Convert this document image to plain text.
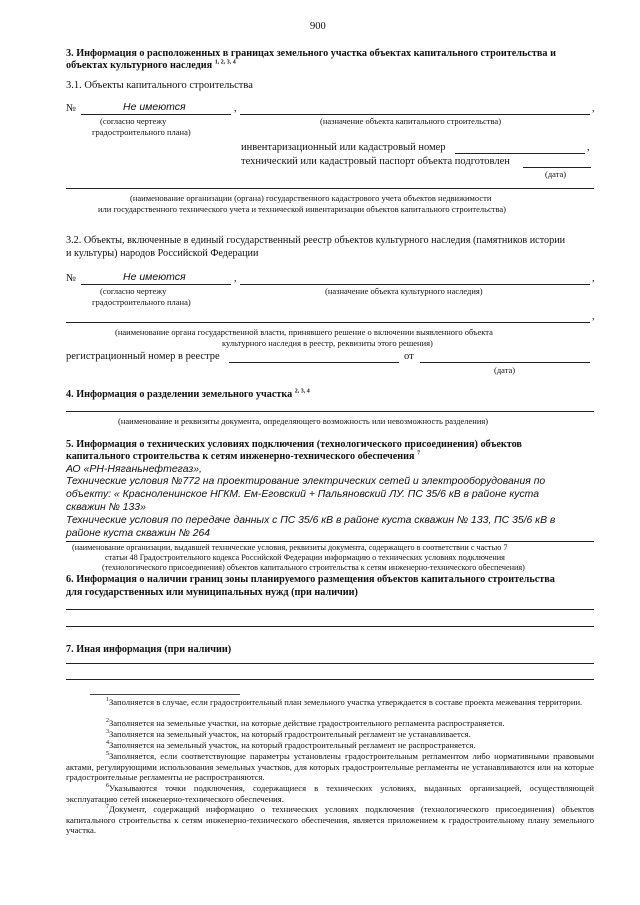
900
3. Информация о расположенных в границах земельного участка объектах капитального строительства и
объектах культурного наследия $^{1, 2, 3, 4}$
3.1. Объекты капитального строительства
№	Не имеются	,	,
(согласно чертежу
градостроительного плана)
(назначение объекта капитального строительства)
инвентаризационный или кадастровый номер	,
технический или кадастровый паспорт объекта подготовлен
(дата)
(наименование организации (органа) государственного кадастрового учета объектов недвижимости
или государственного технического учета и технической инвентаризации объектов капитального строительства)
3.2. Объекты, включенные в единый государственный реестр объектов культурного наследия (памятников истории
и культуры) народов Российской Федерации
№	Не имеются	,	,
(согласно чертежу
градостроительного плана)
(назначение объекта культурного наследия)
,
(наименование органа государственной власти, принявшего решение о включении выявленного объекта
культурного наследия в реестр, реквизиты этого решения)
регистрационный номер в реестре	от
(дата)
4. Информация о разделении земельного участка $^{2, 3, 4}$
(наименование и реквизиты документа, определяющего возможность или невозможность разделения)
5. Информация о технических условиях подключения (технологического присоединения) объектов
капитального строительства к сетям инженерно-технического обеспечения $^7$
АО «РН-Няганьнефтегаз»,
Технические условия №772 на проектирование электрических сетей и электрооборудования по
объекту: « Красноленинское НГКМ. Ем-Еговский + Пальяновский ЛУ. ПС 35/6 кВ в районе куста
скважин № 133»
Технические условия по передаче данных с ПС 35/6 кВ в районе куста скважин № 133, ПС 35/6 кВ в
районе куста скважин № 264
(наименование организации, выдавшей технические условия, реквизиты документа, содержащего в соответствии с частью 7
статьи 48 Градостроительного кодекса Российской Федерации информацию о технических условиях подключения
(технологического присоединения) объектов капитального строительства к сетям инженерно-технического обеспечения)
6. Информация о наличии границ зоны планируемого размещения объектов капитального строительства
для государственных или муниципальных нужд (при наличии)
7. Иная информация (при наличии)
$^1$Заполняется в случае, если градостроительный план земельного участка утверждается в составе проекта межевания территории.
$^2$Заполняется на земельные участки, на которые действие градостроительного регламента распространяется.
$^3$Заполняется на земельный участок, на который градостроительный регламент не устанавливается.
$^4$Заполняется на земельный участок, на который градостроительный регламент не распространяется.
$^5$Заполняется, если соответствующие параметры установлены градостроительным регламентом либо нормативными правовыми актами, регулирующими использования земельных участков, для которых градостроительные регламенты не устанавливаются или на которые градостроительные регламенты не распространяются.
$^6$Указываются точки подключения, содержащиеся в технических условиях, выданных организацией, осуществляющей эксплуатацию сетей инженерно-технического обеспечения.
$^7$Документ, содержащий информацию о технических условиях подключения (технологического присоединения) объектов капитального строительства к сетям инженерно-технического обеспечения, является приложением к градостроительному плану земельного участка.
